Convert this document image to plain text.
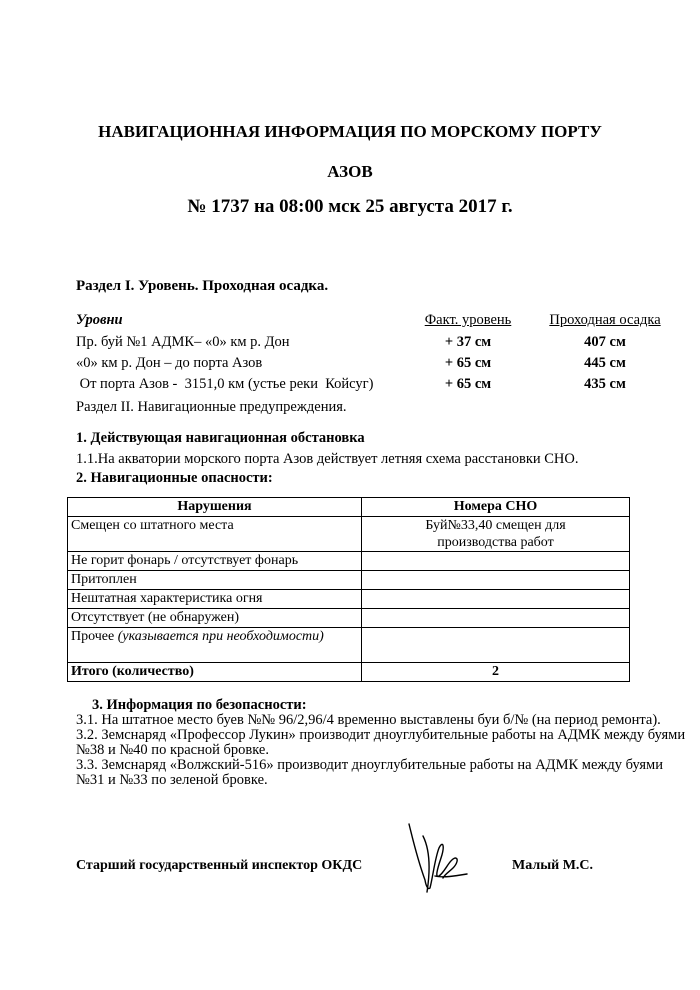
НАВИГАЦИОННАЯ ИНФОРМАЦИЯ ПО МОРСКОМУ ПОРТУ
АЗОВ
№ 1737 на 08:00 мск 25 августа 2017 г.
Раздел I. Уровень. Проходная осадка.
Уровни	Факт. уровень	Проходная осадка
Пр. буй №1 АДМК– «0» км р. Дон	+ 37 см	407 см
«0» км р. Дон – до порта Азов	+ 65 см	445 см
От порта Азов -  3151,0 км (устье реки  Койсуг)	+ 65 см	435 см
Раздел II. Навигационные предупреждения.
1. Действующая навигационная обстановка
1.1.На акватории морского порта Азов действует летняя схема расстановки СНО.
2. Навигационные опасности:
Нарушения	Номера СНО
Смещен со штатного места	Буй№33,40 смещен для производства работ
Не горит фонарь / отсутствует фонарь	
Притоплен	
Нештатная характеристика огня	
Отсутствует (не обнаружен)	
Прочее (указывается при необходимости)	
Итого (количество)	2
3. Информация по безопасности:
3.1. На штатное место буев №№ 96/2,96/4 временно выставлены буи б/№ (на период ремонта).
3.2. Земснаряд «Профессор Лукин» производит дноуглубительные работы на АДМК между буями №38 и №40 по красной бровке.
3.3. Земснаряд «Волжский-516» производит дноуглубительные работы на АДМК между буями №31 и №33 по зеленой бровке.
Старший государственный инспектор ОКДС	Малый М.С.
